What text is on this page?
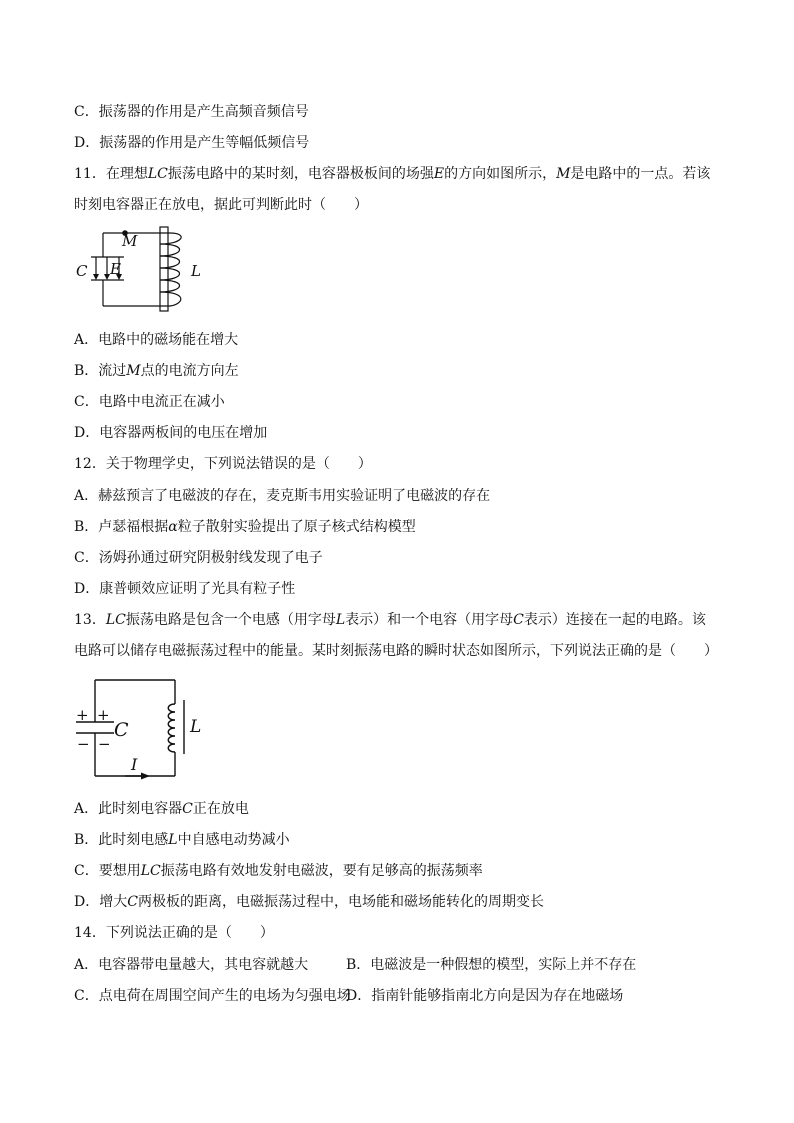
C．振荡器的作用是产生高频音频信号
D．振荡器的作用是产生等幅低频信号
11．在理想LC振荡电路中的某时刻，电容器极板间的场强E的方向如图所示，M是电路中的一点。若该
时刻电容器正在放电，据此可判断此时（　　）
M
C E	L
A．电路中的磁场能在增大
B．流过M点的电流方向左
C．电路中电流正在减小
D．电容器两板间的电压在增加
12．关于物理学史，下列说法错误的是（　　）
A．赫兹预言了电磁波的存在，麦克斯韦用实验证明了电磁波的存在
B．卢瑟福根据α粒子散射实验提出了原子核式结构模型
C．汤姆孙通过研究阴极射线发现了电子
D．康普顿效应证明了光具有粒子性
13．LC振荡电路是包含一个电感（用字母L表示）和一个电容（用字母C表示）连接在一起的电路。该
电路可以储存电磁振荡过程中的能量。某时刻振荡电路的瞬时状态如图所示，下列说法正确的是（　　）
+ +
− −
C	L
I
A．此时刻电容器C正在放电
B．此时刻电感L中自感电动势减小
C．要想用LC振荡电路有效地发射电磁波，要有足够高的振荡频率
D．增大C两极板的距离，电磁振荡过程中，电场能和磁场能转化的周期变长
14．下列说法正确的是（　　）
A．电容器带电量越大，其电容就越大	B．电磁波是一种假想的模型，实际上并不存在
C．点电荷在周围空间产生的电场为匀强电场
D．指南针能够指南北方向是因为存在地磁场
